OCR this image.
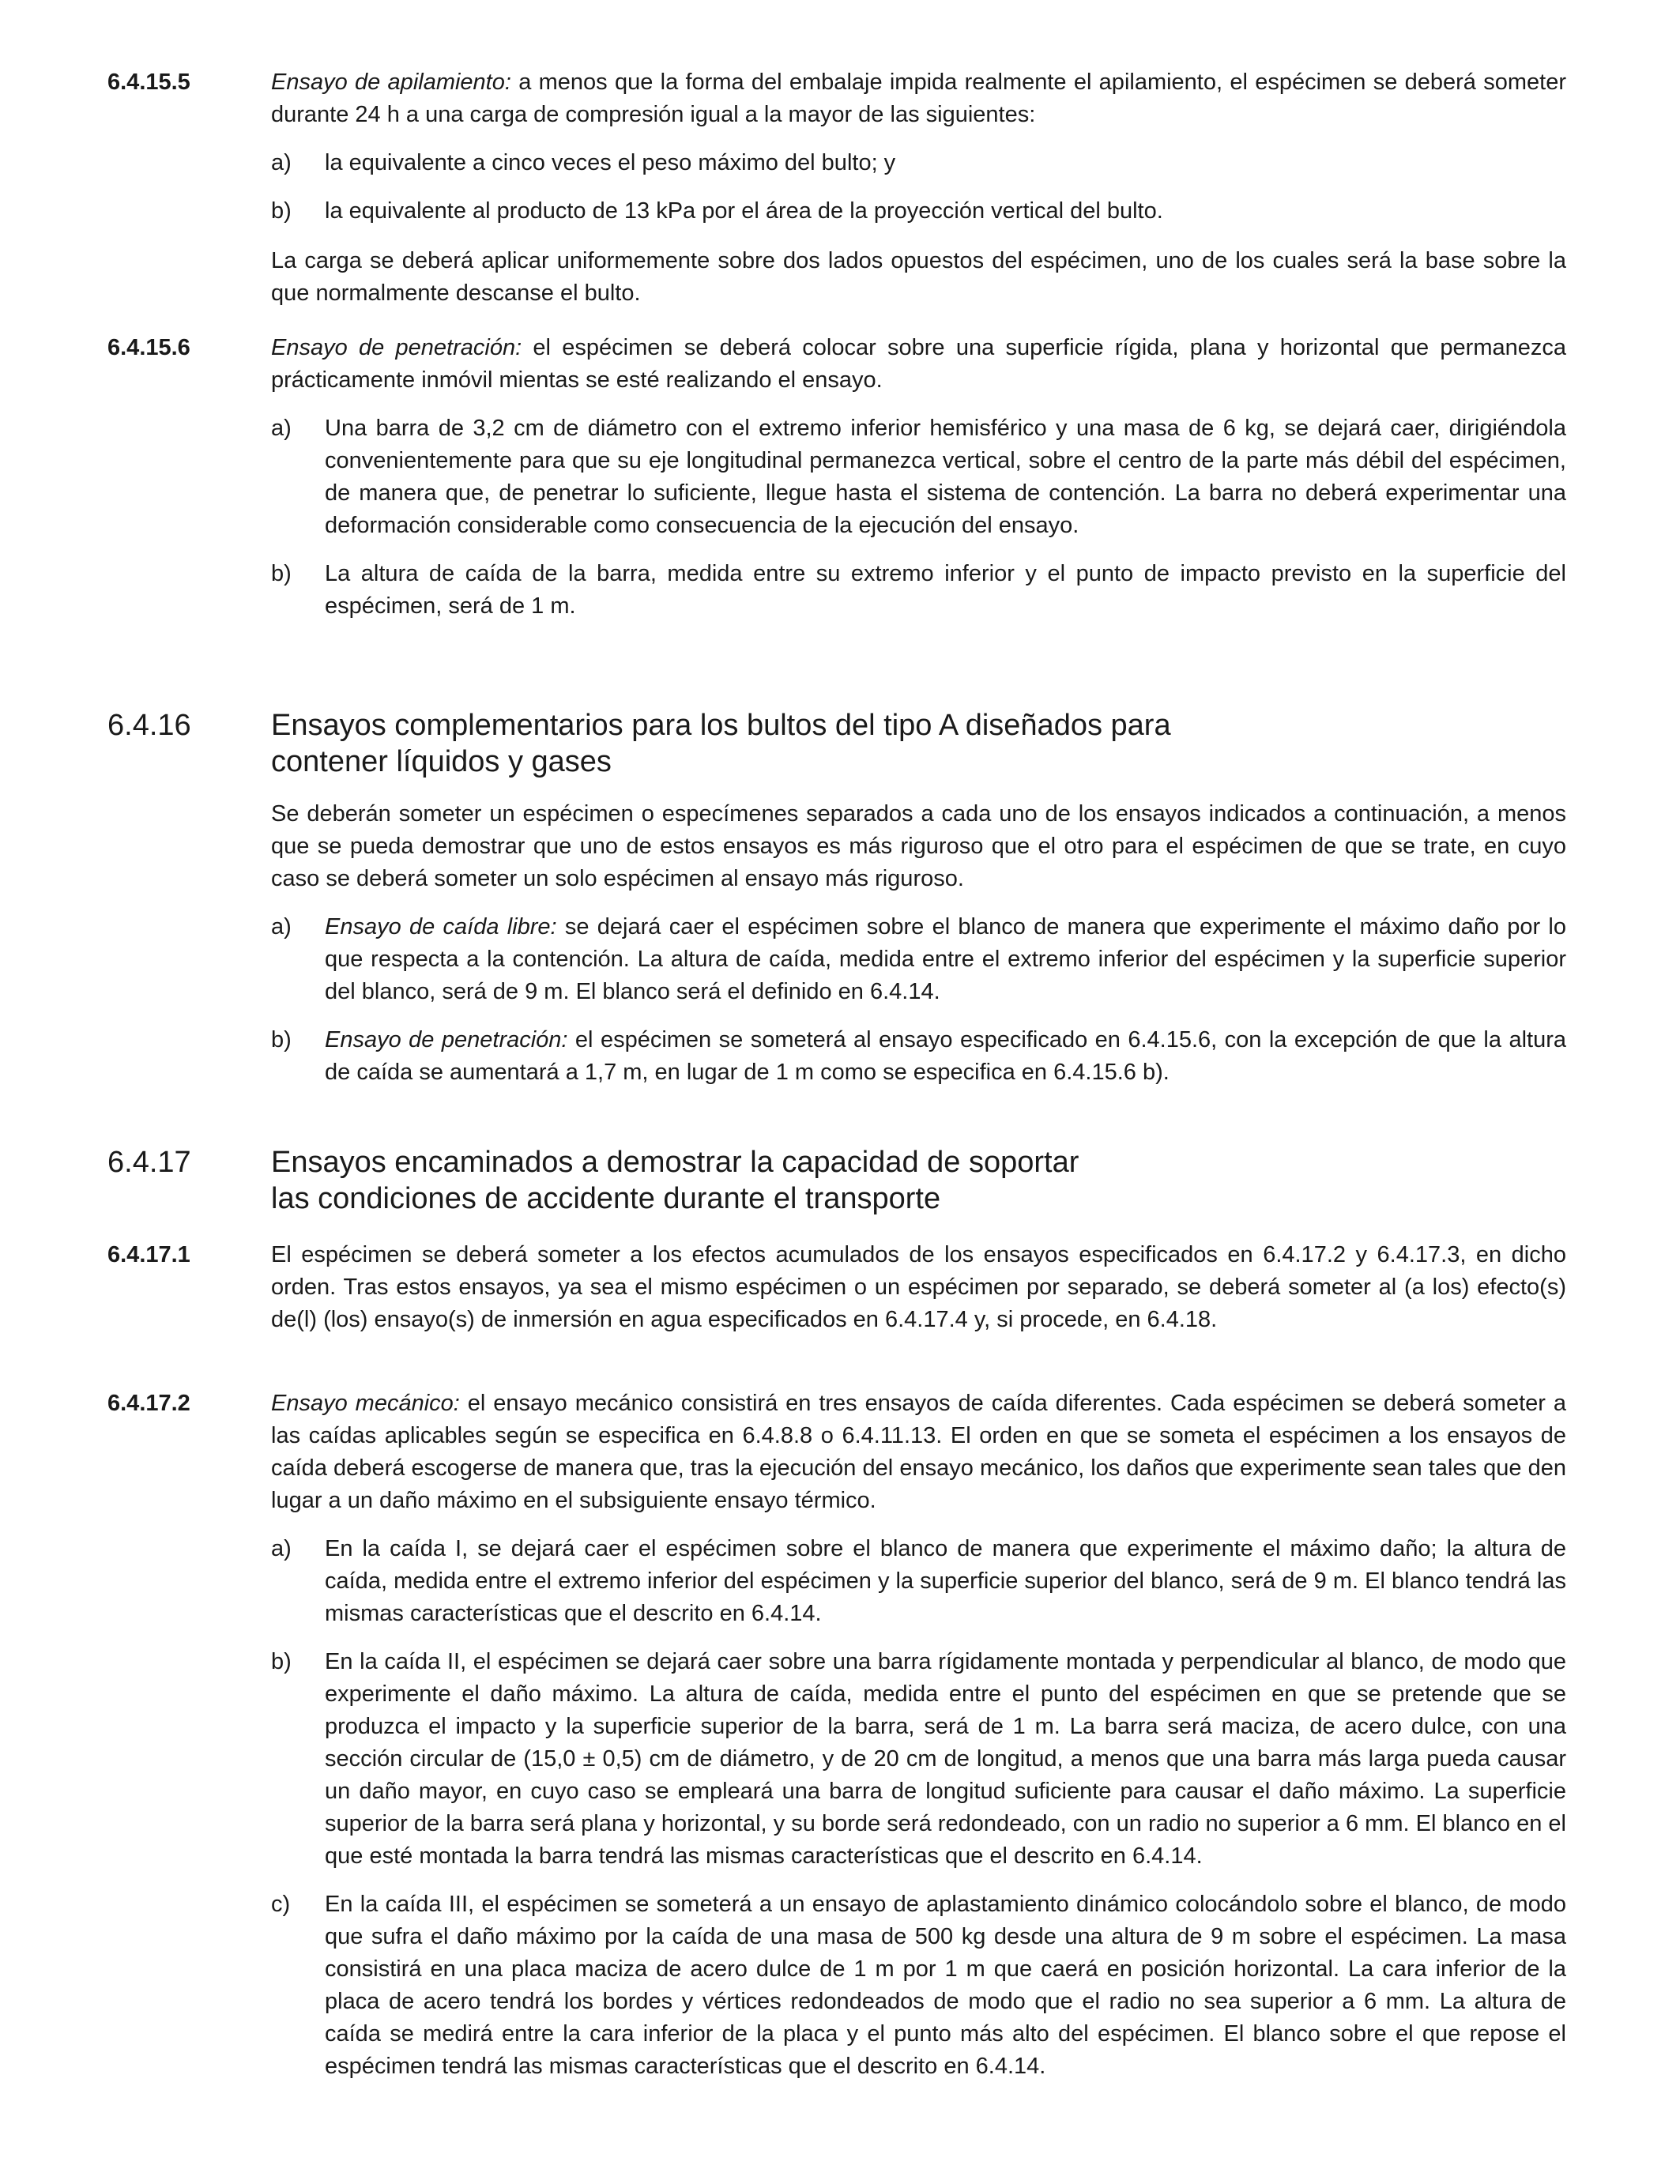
6.4.15.5	Ensayo de apilamiento: a menos que la forma del embalaje impida realmente el apilamiento, el espécimen se deberá someter durante 24 h a una carga de compresión igual a la mayor de las siguientes:

a) la equivalente a cinco veces el peso máximo del bulto; y
b) la equivalente al producto de 13 kPa por el área de la proyección vertical del bulto.

La carga se deberá aplicar uniformemente sobre dos lados opuestos del espécimen, uno de los cuales será la base sobre la que normalmente descanse el bulto.

6.4.15.6	Ensayo de penetración: el espécimen se deberá colocar sobre una superficie rígida, plana y horizontal que permanezca prácticamente inmóvil mientas se esté realizando el ensayo.

a) Una barra de 3,2 cm de diámetro con el extremo inferior hemisférico y una masa de 6 kg, se dejará caer, dirigiéndola convenientemente para que su eje longitudinal permanezca vertical, sobre el centro de la parte más débil del espécimen, de manera que, de penetrar lo suficiente, llegue hasta el sistema de contención. La barra no deberá experimentar una deformación considerable como consecuencia de la ejecución del ensayo.
b) La altura de caída de la barra, medida entre su extremo inferior y el punto de impacto previsto en la superficie del espécimen, será de 1 m.
6.4.16	Ensayos complementarios para los bultos del tipo A diseñados para
contener líquidos y gases

Se deberán someter un espécimen o especímenes separados a cada uno de los ensayos indicados a continuación, a menos que se pueda demostrar que uno de estos ensayos es más riguroso que el otro para el espécimen de que se trate, en cuyo caso se deberá someter un solo espécimen al ensayo más riguroso.

a) Ensayo de caída libre: se dejará caer el espécimen sobre el blanco de manera que experimente el máximo daño por lo que respecta a la contención. La altura de caída, medida entre el extremo inferior del espécimen y la superficie superior del blanco, será de 9 m. El blanco será el definido en 6.4.14.
b) Ensayo de penetración: el espécimen se someterá al ensayo especificado en 6.4.15.6, con la excepción de que la altura de caída se aumentará a 1,7 m, en lugar de 1 m como se especifica en 6.4.15.6 b).
6.4.17	Ensayos encaminados a demostrar la capacidad de soportar
las condiciones de accidente durante el transporte
6.4.17.1	El espécimen se deberá someter a los efectos acumulados de los ensayos especificados en 6.4.17.2 y 6.4.17.3, en dicho orden. Tras estos ensayos, ya sea el mismo espécimen o un espécimen por separado, se deberá someter al (a los) efecto(s) de(l) (los) ensayo(s) de inmersión en agua especificados en 6.4.17.4 y, si procede, en 6.4.18.

6.4.17.2	Ensayo mecánico: el ensayo mecánico consistirá en tres ensayos de caída diferentes. Cada espécimen se deberá someter a las caídas aplicables según se especifica en 6.4.8.8 o 6.4.11.13. El orden en que se someta el espécimen a los ensayos de caída deberá escogerse de manera que, tras la ejecución del ensayo mecánico, los daños que experimente sean tales que den lugar a un daño máximo en el subsiguiente ensayo térmico.

a) En la caída I, se dejará caer el espécimen sobre el blanco de manera que experimente el máximo daño; la altura de caída, medida entre el extremo inferior del espécimen y la superficie superior del blanco, será de 9 m. El blanco tendrá las mismas características que el descrito en 6.4.14.
b) En la caída II, el espécimen se dejará caer sobre una barra rígidamente montada y perpendicular al blanco, de modo que experimente el daño máximo. La altura de caída, medida entre el punto del espécimen en que se pretende que se produzca el impacto y la superficie superior de la barra, será de 1 m. La barra será maciza, de acero dulce, con una sección circular de (15,0 ± 0,5) cm de diámetro, y de 20 cm de longitud, a menos que una barra más larga pueda causar un daño mayor, en cuyo caso se empleará una barra de longitud suficiente para causar el daño máximo. La superficie superior de la barra será plana y horizontal, y su borde será redondeado, con un radio no superior a 6 mm. El blanco en el que esté montada la barra tendrá las mismas características que el descrito en 6.4.14.
c) En la caída III, el espécimen se someterá a un ensayo de aplastamiento dinámico colocándolo sobre el blanco, de modo que sufra el daño máximo por la caída de una masa de 500 kg desde una altura de 9 m sobre el espécimen. La masa consistirá en una placa maciza de acero dulce de 1 m por 1 m que caerá en posición horizontal. La cara inferior de la placa de acero tendrá los bordes y vértices redondeados de modo que el radio no sea superior a 6 mm. La altura de caída se medirá entre la cara inferior de la placa y el punto más alto del espécimen. El blanco sobre el que repose el espécimen tendrá las mismas características que el descrito en 6.4.14.
